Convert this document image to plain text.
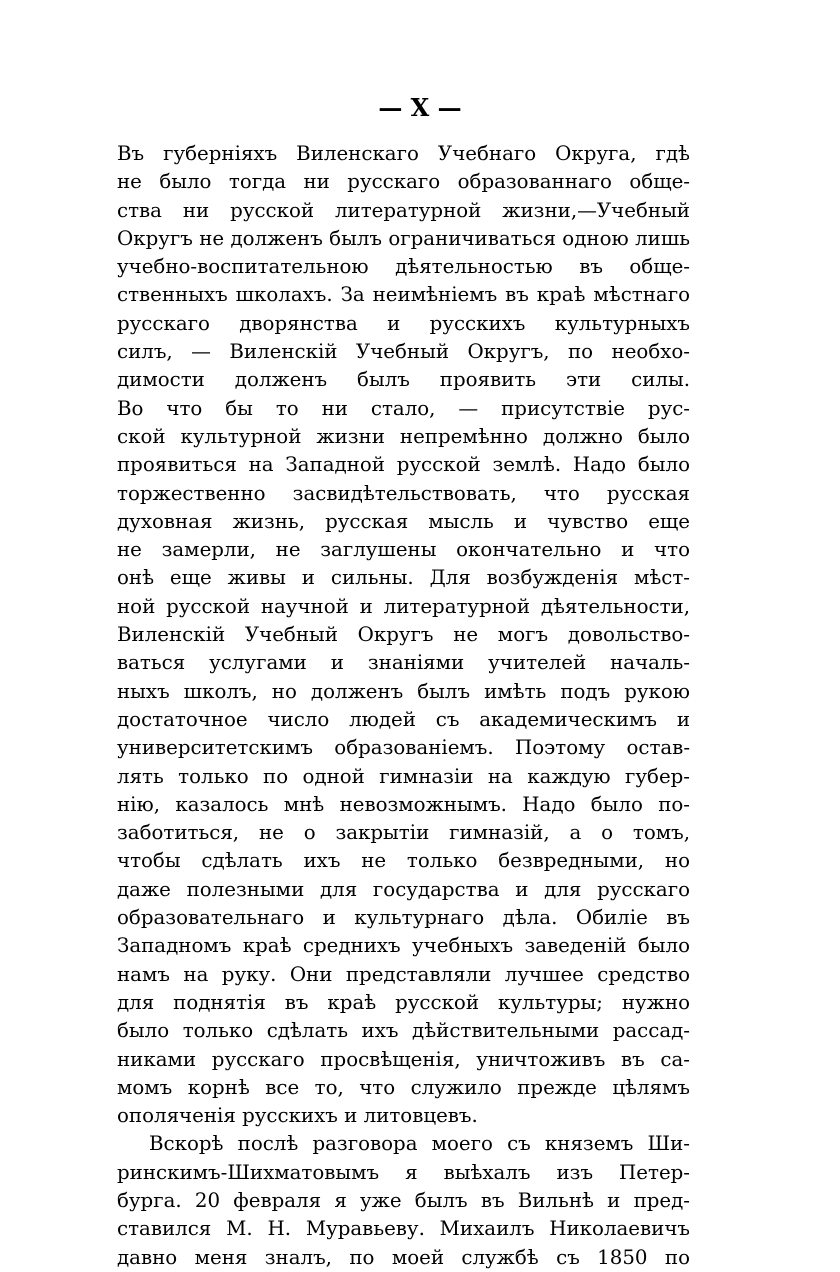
— X —
Въ губерніяхъ Виленскаго Учебнаго Округа, гдѣ
не было тогда ни русскаго образованнаго обще-
ства ни русской литературной жизни,—Учебный
Округъ не долженъ былъ ограничиваться одною лишь
учебно-воспитательною дѣятельностью въ обще-
ственныхъ школахъ. За неимѣніемъ въ краѣ мѣстнаго
русскаго дворянства и русскихъ культурныхъ
силъ, — Виленскій Учебный Округъ, по необхо-
димости долженъ былъ проявить эти силы.
Во что бы то ни стало, — присутствіе рус-
ской культурной жизни непремѣнно должно было
проявиться на Западной русской землѣ. Надо было
торжественно засвидѣтельствовать, что русская
духовная жизнь, русская мысль и чувство еще
не замерли, не заглушены окончательно и что
онѣ еще живы и сильны. Для возбужденія мѣст-
ной русской научной и литературной дѣятельности,
Виленскій Учебный Округъ не могъ довольство-
ваться услугами и знаніями учителей началь-
ныхъ школъ, но долженъ былъ имѣть подъ рукою
достаточное число людей съ академическимъ и
университетскимъ образованіемъ. Поэтому остав-
лять только по одной гимназіи на каждую губер-
нію, казалось мнѣ невозможнымъ. Надо было по-
заботиться, не о закрытіи гимназій, а о томъ,
чтобы сдѣлать ихъ не только безвредными, но
даже полезными для государства и для русскаго
образовательнаго и культурнаго дѣла. Обиліе въ
Западномъ краѣ среднихъ учебныхъ заведеній было
намъ на руку. Они представляли лучшее средство
для поднятія въ краѣ русской культуры; нужно
было только сдѣлать ихъ дѣйствительными расcад-
никами русскаго просвѣщенія, уничтоживъ въ са-
момъ корнѣ все то, что служило прежде цѣлямъ
ополяченія русскихъ и литовцевъ.
Вскорѣ послѣ разговора моего съ княземъ Ши-
ринскимъ-Шихматовымъ я выѣхалъ изъ Петер-
бурга. 20 февраля я уже былъ въ Вильнѣ и пред-
ставился М. Н. Муравьеву. Михаилъ Николаевичъ
давно меня зналъ, по моей службѣ съ 1850 по
